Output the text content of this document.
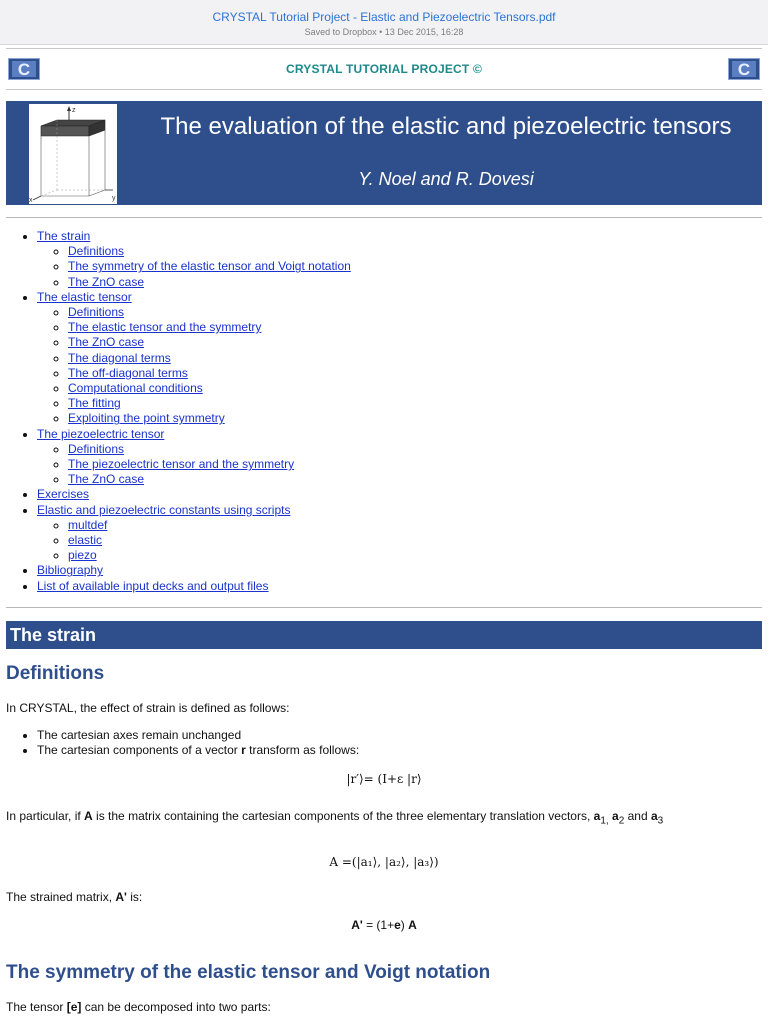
CRYSTAL Tutorial Project - Elastic and Piezoelectric Tensors.pdf
Saved to Dropbox • 13 Dec 2015, 16:28
C	CRYSTAL TUTORIAL PROJECT ©	C
z
x	y
The evaluation of the elastic and piezoelectric tensors
Y. Noel and R. Dovesi
• The strain
◦ Definitions
◦ The symmetry of the elastic tensor and Voigt notation
◦ The ZnO case
• The elastic tensor
◦ Definitions
◦ The elastic tensor and the symmetry
◦ The ZnO case
◦ The diagonal terms
◦ The off-diagonal terms
◦ Computational conditions
◦ The fitting
◦ Exploiting the point symmetry
• The piezoelectric tensor
◦ Definitions
◦ The piezoelectric tensor and the symmetry
◦ The ZnO case
• Exercises
• Elastic and piezoelectric constants using scripts
◦ multdef
◦ elastic
◦ piezo
• Bibliography
• List of available input decks and output files
The strain
Definitions
In CRYSTAL, the effect of strain is defined as follows:
• The cartesian axes remain unchanged
• The cartesian components of a vector r transform as follows:
|r′⟩= (I+ε |r⟩
In particular, if A is the matrix containing the cartesian components of the three elementary translation vectors, $a_{1,}$ $a_2$ and $a_3$
A =(|a₁⟩, |a₂⟩, |a₃⟩)
The strained matrix, A' is:
A' = (1+e) A
The symmetry of the elastic tensor and Voigt notation
The tensor [e] can be decomposed into two parts:
